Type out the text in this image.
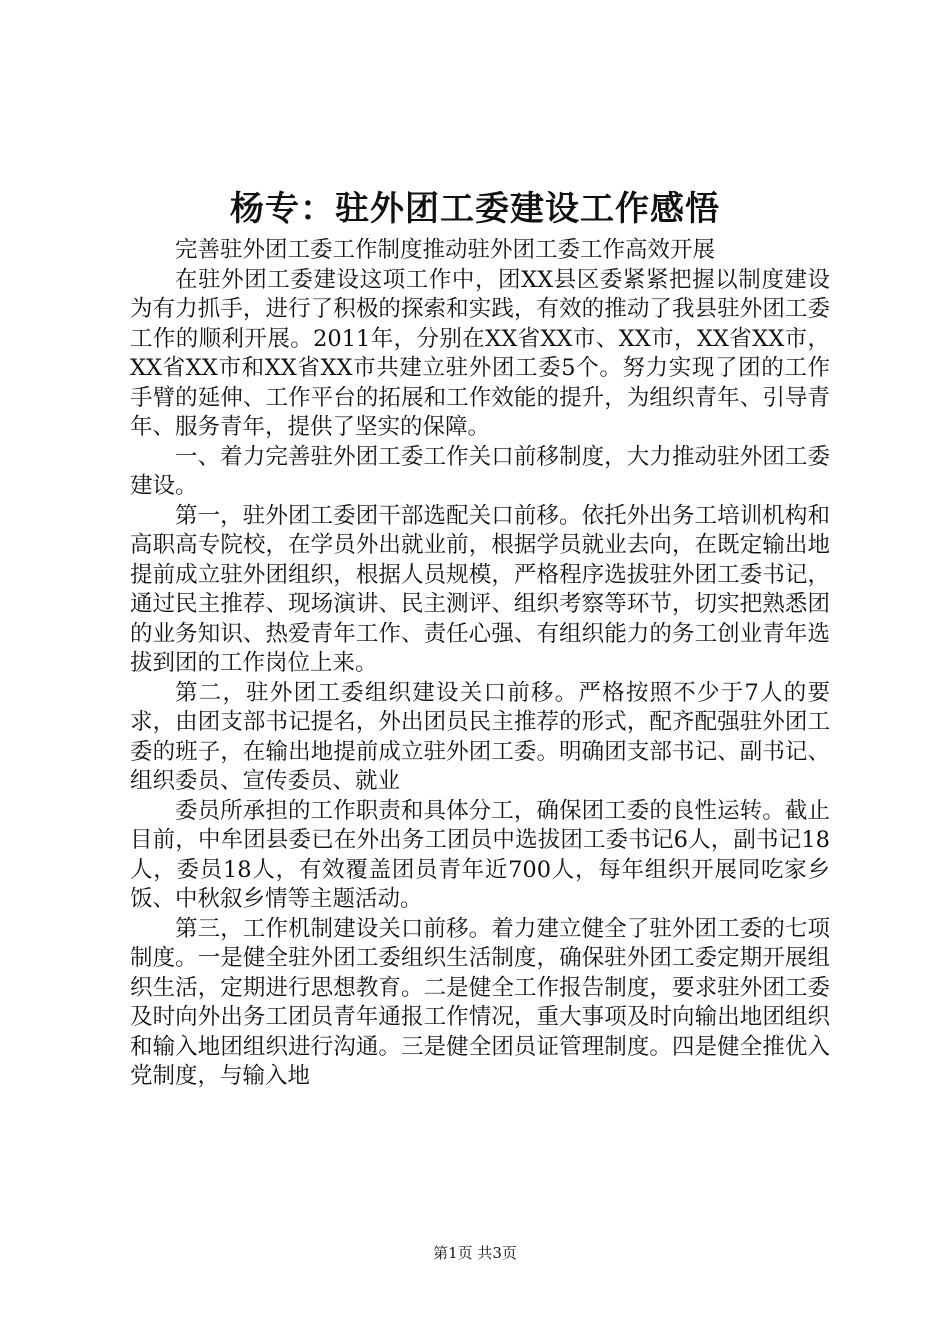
杨专：驻外团工委建设工作感悟

完善驻外团工委工作制度推动驻外团工委工作高效开展

在驻外团工委建设这项工作中，团XX县区委紧紧把握以制度建设为有力抓手，进行了积极的探索和实践，有效的推动了我县驻外团工委工作的顺利开展。2011年，分别在XX省XX市、XX市，XX省XX市，XX省XX市和XX省XX市共建立驻外团工委5个。努力实现了团的工作手臂的延伸、工作平台的拓展和工作效能的提升，为组织青年、引导青年、服务青年，提供了坚实的保障。

一、着力完善驻外团工委工作关口前移制度，大力推动驻外团工委建设。

第一，驻外团工委团干部选配关口前移。依托外出务工培训机构和高职高专院校，在学员外出就业前，根据学员就业去向，在既定输出地提前成立驻外团组织，根据人员规模，严格程序选拔驻外团工委书记，通过民主推荐、现场演讲、民主测评、组织考察等环节，切实把熟悉团的业务知识、热爱青年工作、责任心强、有组织能力的务工创业青年选拔到团的工作岗位上来。

第二，驻外团工委组织建设关口前移。严格按照不少于7人的要求，由团支部书记提名，外出团员民主推荐的形式，配齐配强驻外团工委的班子，在输出地提前成立驻外团工委。明确团支部书记、副书记、组织委员、宣传委员、就业

委员所承担的工作职责和具体分工，确保团工委的良性运转。截止目前，中牟团县委已在外出务工团员中选拔团工委书记6人，副书记18人，委员18人，有效覆盖团员青年近700人，每年组织开展同吃家乡饭、中秋叙乡情等主题活动。

第三，工作机制建设关口前移。着力建立健全了驻外团工委的七项制度。一是健全驻外团工委组织生活制度，确保驻外团工委定期开展组织生活，定期进行思想教育。二是健全工作报告制度，要求驻外团工委及时向外出务工团员青年通报工作情况，重大事项及时向输出地团组织和输入地团组织进行沟通。三是健全团员证管理制度。四是健全推优入党制度，与输入地

第1页 共3页
